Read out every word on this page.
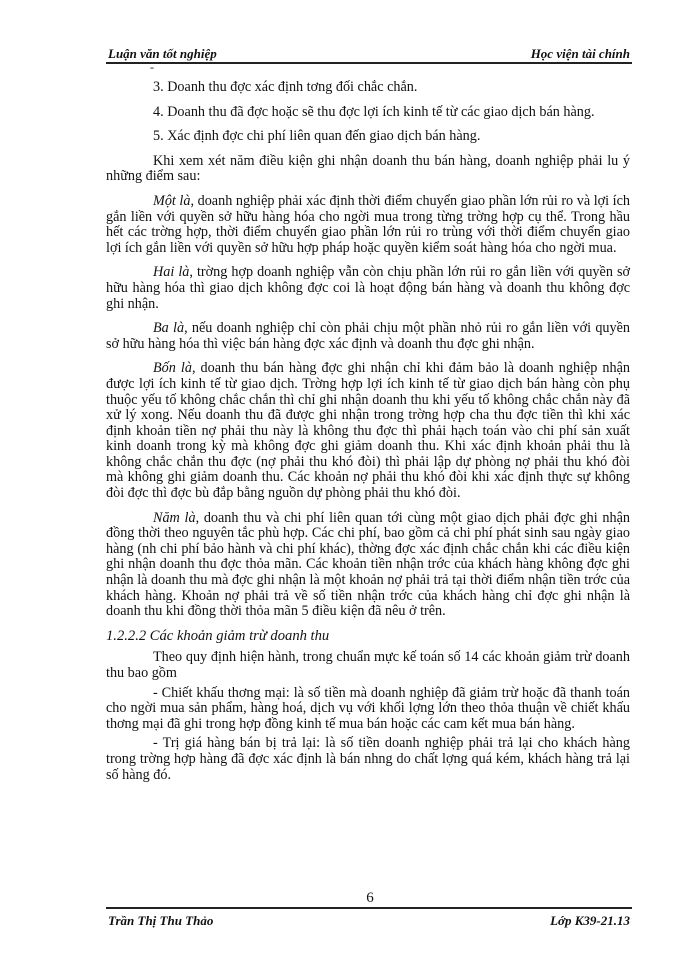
Luận văn tốt nghiệp	Học viện tài chính
-

3. Doanh thu đợc xác định tơng đối chắc chắn.

4. Doanh thu đã đợc hoặc sẽ thu đợc lợi ích kinh tế từ các giao dịch bán hàng.

5. Xác định đợc chi phí liên quan đến giao dịch bán hàng.

Khi xem xét năm điều kiện ghi nhận doanh thu bán hàng, doanh nghiệp phải lu ý những điểm sau:

Một là, doanh nghiệp phải xác định thời điểm chuyển giao phần lớn rủi ro và lợi ích gắn liền với quyền sở hữu hàng hóa cho ngời mua trong từng trờng hợp cụ thể. Trong hầu hết các trờng hợp, thời điểm chuyển giao phần lớn rủi ro trùng với thời điểm chuyển giao lợi ích gắn liền với quyền sở hữu hợp pháp hoặc quyền kiểm soát hàng hóa cho ngời mua.

Hai là, trờng hợp doanh nghiệp vẫn còn chịu phần lớn rủi ro gắn liền với quyền sở hữu hàng hóa thì giao dịch không đợc coi là hoạt động bán hàng và doanh thu không đợc ghi nhận.

Ba là, nếu doanh nghiệp chỉ còn phải chịu một phần nhỏ rủi ro gắn liền với quyền sở hữu hàng hóa thì việc bán hàng đợc xác định và doanh thu đợc ghi nhận.

Bốn là, doanh thu bán hàng đợc ghi nhận chỉ khi đảm bảo là doanh nghiệp nhận được lợi ích kinh tế từ giao dịch. Trờng hợp lợi ích kinh tế từ giao dịch bán hàng còn phụ thuộc yếu tố không chắc chắn thì chỉ ghi nhận doanh thu khi yếu tố không chắc chắn này đã xử lý xong. Nếu doanh thu đã được ghi nhận trong trờng hợp cha thu đợc tiền thì khi xác định khoản tiền nợ phải thu này là không thu đợc thì phải hạch toán vào chi phí sản xuất kinh doanh trong kỳ mà không đợc ghi giảm doanh thu. Khi xác định khoản phải thu là không chắc chắn thu đợc (nợ phải thu khó đòi) thì phải lập dự phòng nợ phải thu khó đòi mà không ghi giảm doanh thu. Các khoản nợ phải thu khó đòi khi xác định thực sự không đòi đợc thì đợc bù đắp bằng nguồn dự phòng phải thu khó đòi.

Năm là, doanh thu và chi phí liên quan tới cùng một giao dịch phải đợc ghi nhận đồng thời theo nguyên tắc phù hợp. Các chi phí, bao gồm cả chi phí phát sinh sau ngày giao hàng (nh chi phí bảo hành và chi phí khác), thờng đợc xác định chắc chắn khi các điều kiện ghi nhận doanh thu đợc thỏa mãn. Các khoản tiền nhận trớc của khách hàng không đợc ghi nhận là doanh thu mà đợc ghi nhận là một khoản nợ phải trả tại thời điểm nhận tiền trớc của khách hàng. Khoản nợ phải trả về số tiền nhận trớc của khách hàng chỉ đợc ghi nhận là doanh thu khi đồng thời thỏa mãn 5 điều kiện đã nêu ở trên.

1.2.2.2 Các khoản giảm trừ doanh thu

Theo quy định hiện hành, trong chuẩn mực kế toán số 14 các khoản giảm trừ doanh thu bao gồm

- Chiết khấu thơng mại: là số tiền mà doanh nghiệp đã giảm trừ hoặc đã thanh toán cho ngời mua sản phẩm, hàng hoá, dịch vụ với khối lợng lớn theo thỏa thuận về chiết khấu thơng mại đã ghi trong hợp đồng kinh tế mua bán hoặc các cam kết mua bán hàng.

- Trị giá hàng bán bị trả lại: là số tiền doanh nghiệp phải trả lại cho khách hàng trong trờng hợp hàng đã đợc xác định là bán nhng do chất lợng quá kém, khách hàng trả lại số hàng đó.

6
Trần Thị Thu Thảo	Lớp K39-21.13
